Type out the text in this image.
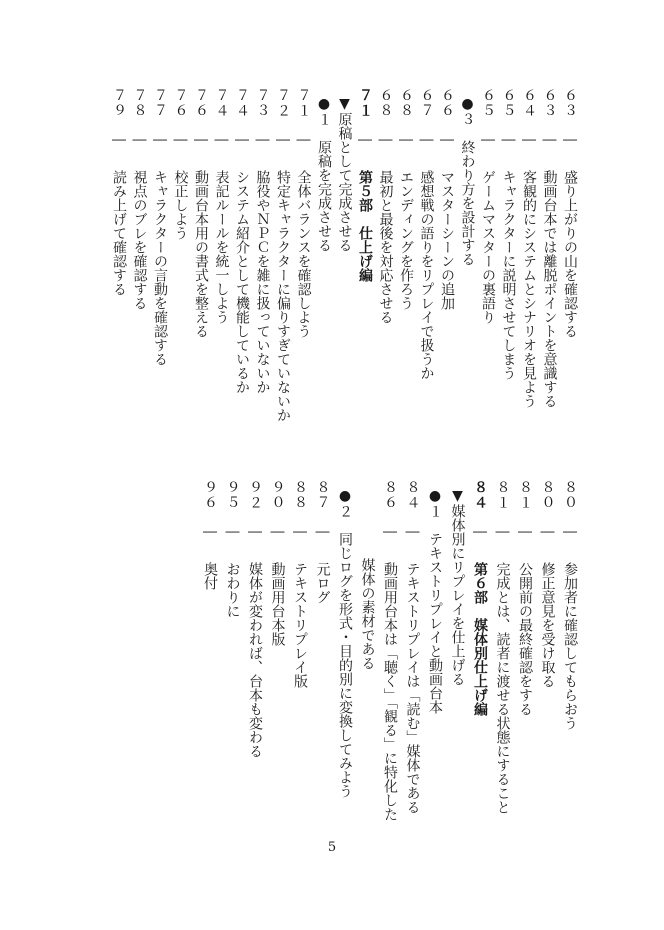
６３　―　盛り上がりの山を確認する
６３　―　動画台本では離脱ポイントを意識する
６４　―　客観的にシステムとシナリオを見よう
６５　―　キャラクターに説明させてしまう
６５　―　ゲームマスターの裏語り
●３　終わり方を設計する
６６　―　マスターシーンの追加
６７　―　感想戦の語りをリプレイで扱うか
６８　―　エンディングを作ろう
６８　―　最初と最後を対応させる
７１　―　第５部　仕上げ編
▼原稿として完成させる
●１　原稿を完成させる
７１　―　全体バランスを確認しよう
７２　―　特定キャラクターに偏りすぎていないか
７３　―　脇役やＮＰＣを雑に扱っていないか
７４　―　システム紹介として機能しているか
７４　―　表記ルールを統一しよう
７６　―　動画台本用の書式を整える
７６　―　校正しよう
７７　―　キャラクターの言動を確認する
７８　―　視点のブレを確認する
７９　―　読み上げて確認する
８０　―　参加者に確認してもらおう
８０　―　修正意見を受け取る
８１　―　公開前の最終確認をする
８１　―　完成とは、読者に渡せる状態にすること
８４　―　第６部　媒体別仕上げ編
▼媒体別にリプレイを仕上げる
●１　テキストリプレイと動画台本
８４　―　テキストリプレイは「読む」媒体である
８６　―　動画用台本は「聴く」「観る」に特化した
媒体の素材である
●２　同じログを形式・目的別に変換してみよう
８７　―　元ログ
８８　―　テキストリプレイ版
９０　―　動画用台本版
９２　―　媒体が変われば、台本も変わる
９５　―　おわりに
９６　―　奥付
5
